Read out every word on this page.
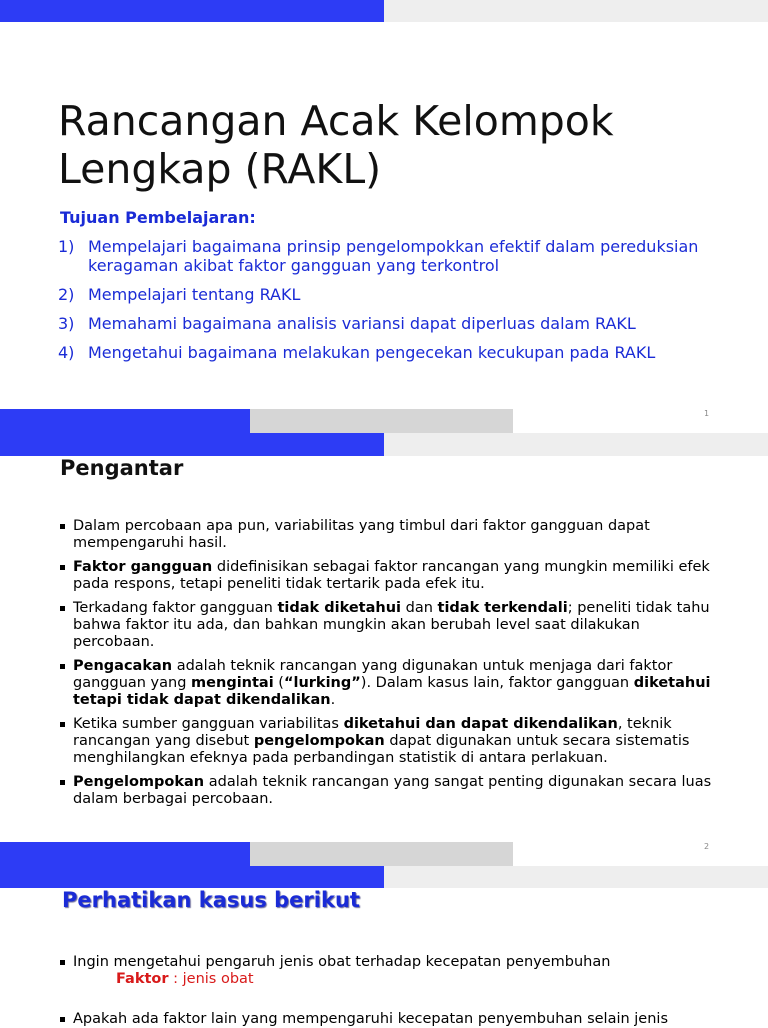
Rancangan Acak Kelompok
Lengkap (RAKL)
Tujuan Pembelajaran:
1) Mempelajari bagaimana prinsip pengelompokkan efektif dalam pereduksian keragaman akibat faktor gangguan yang terkontrol
2) Mempelajari tentang RAKL
3) Memahami bagaimana analisis variansi dapat diperluas dalam RAKL
4) Mengetahui bagaimana melakukan pengecekan kecukupan pada RAKL
1
Pengantar
Dalam percobaan apa pun, variabilitas yang timbul dari faktor gangguan dapat mempengaruhi hasil.
Faktor gangguan didefinisikan sebagai faktor rancangan yang mungkin memiliki efek pada respons, tetapi peneliti tidak tertarik pada efek itu.
Terkadang faktor gangguan tidak diketahui dan tidak terkendali; peneliti tidak tahu bahwa faktor itu ada, dan bahkan mungkin akan berubah level saat dilakukan percobaan.
Pengacakan adalah teknik rancangan yang digunakan untuk menjaga dari faktor gangguan yang mengintai (“lurking”). Dalam kasus lain, faktor gangguan diketahui tetapi tidak dapat dikendalikan.
Ketika sumber gangguan variabilitas diketahui dan dapat dikendalikan, teknik rancangan yang disebut pengelompokan dapat digunakan untuk secara sistematis menghilangkan efeknya pada perbandingan statistik di antara perlakuan.
Pengelompokan adalah teknik rancangan yang sangat penting digunakan secara luas dalam berbagai percobaan.
2
Perhatikan kasus berikut
Ingin mengetahui pengaruh jenis obat terhadap kecepatan penyembuhan
Faktor : jenis obat
Apakah ada faktor lain yang mempengaruhi kecepatan penyembuhan selain jenis
